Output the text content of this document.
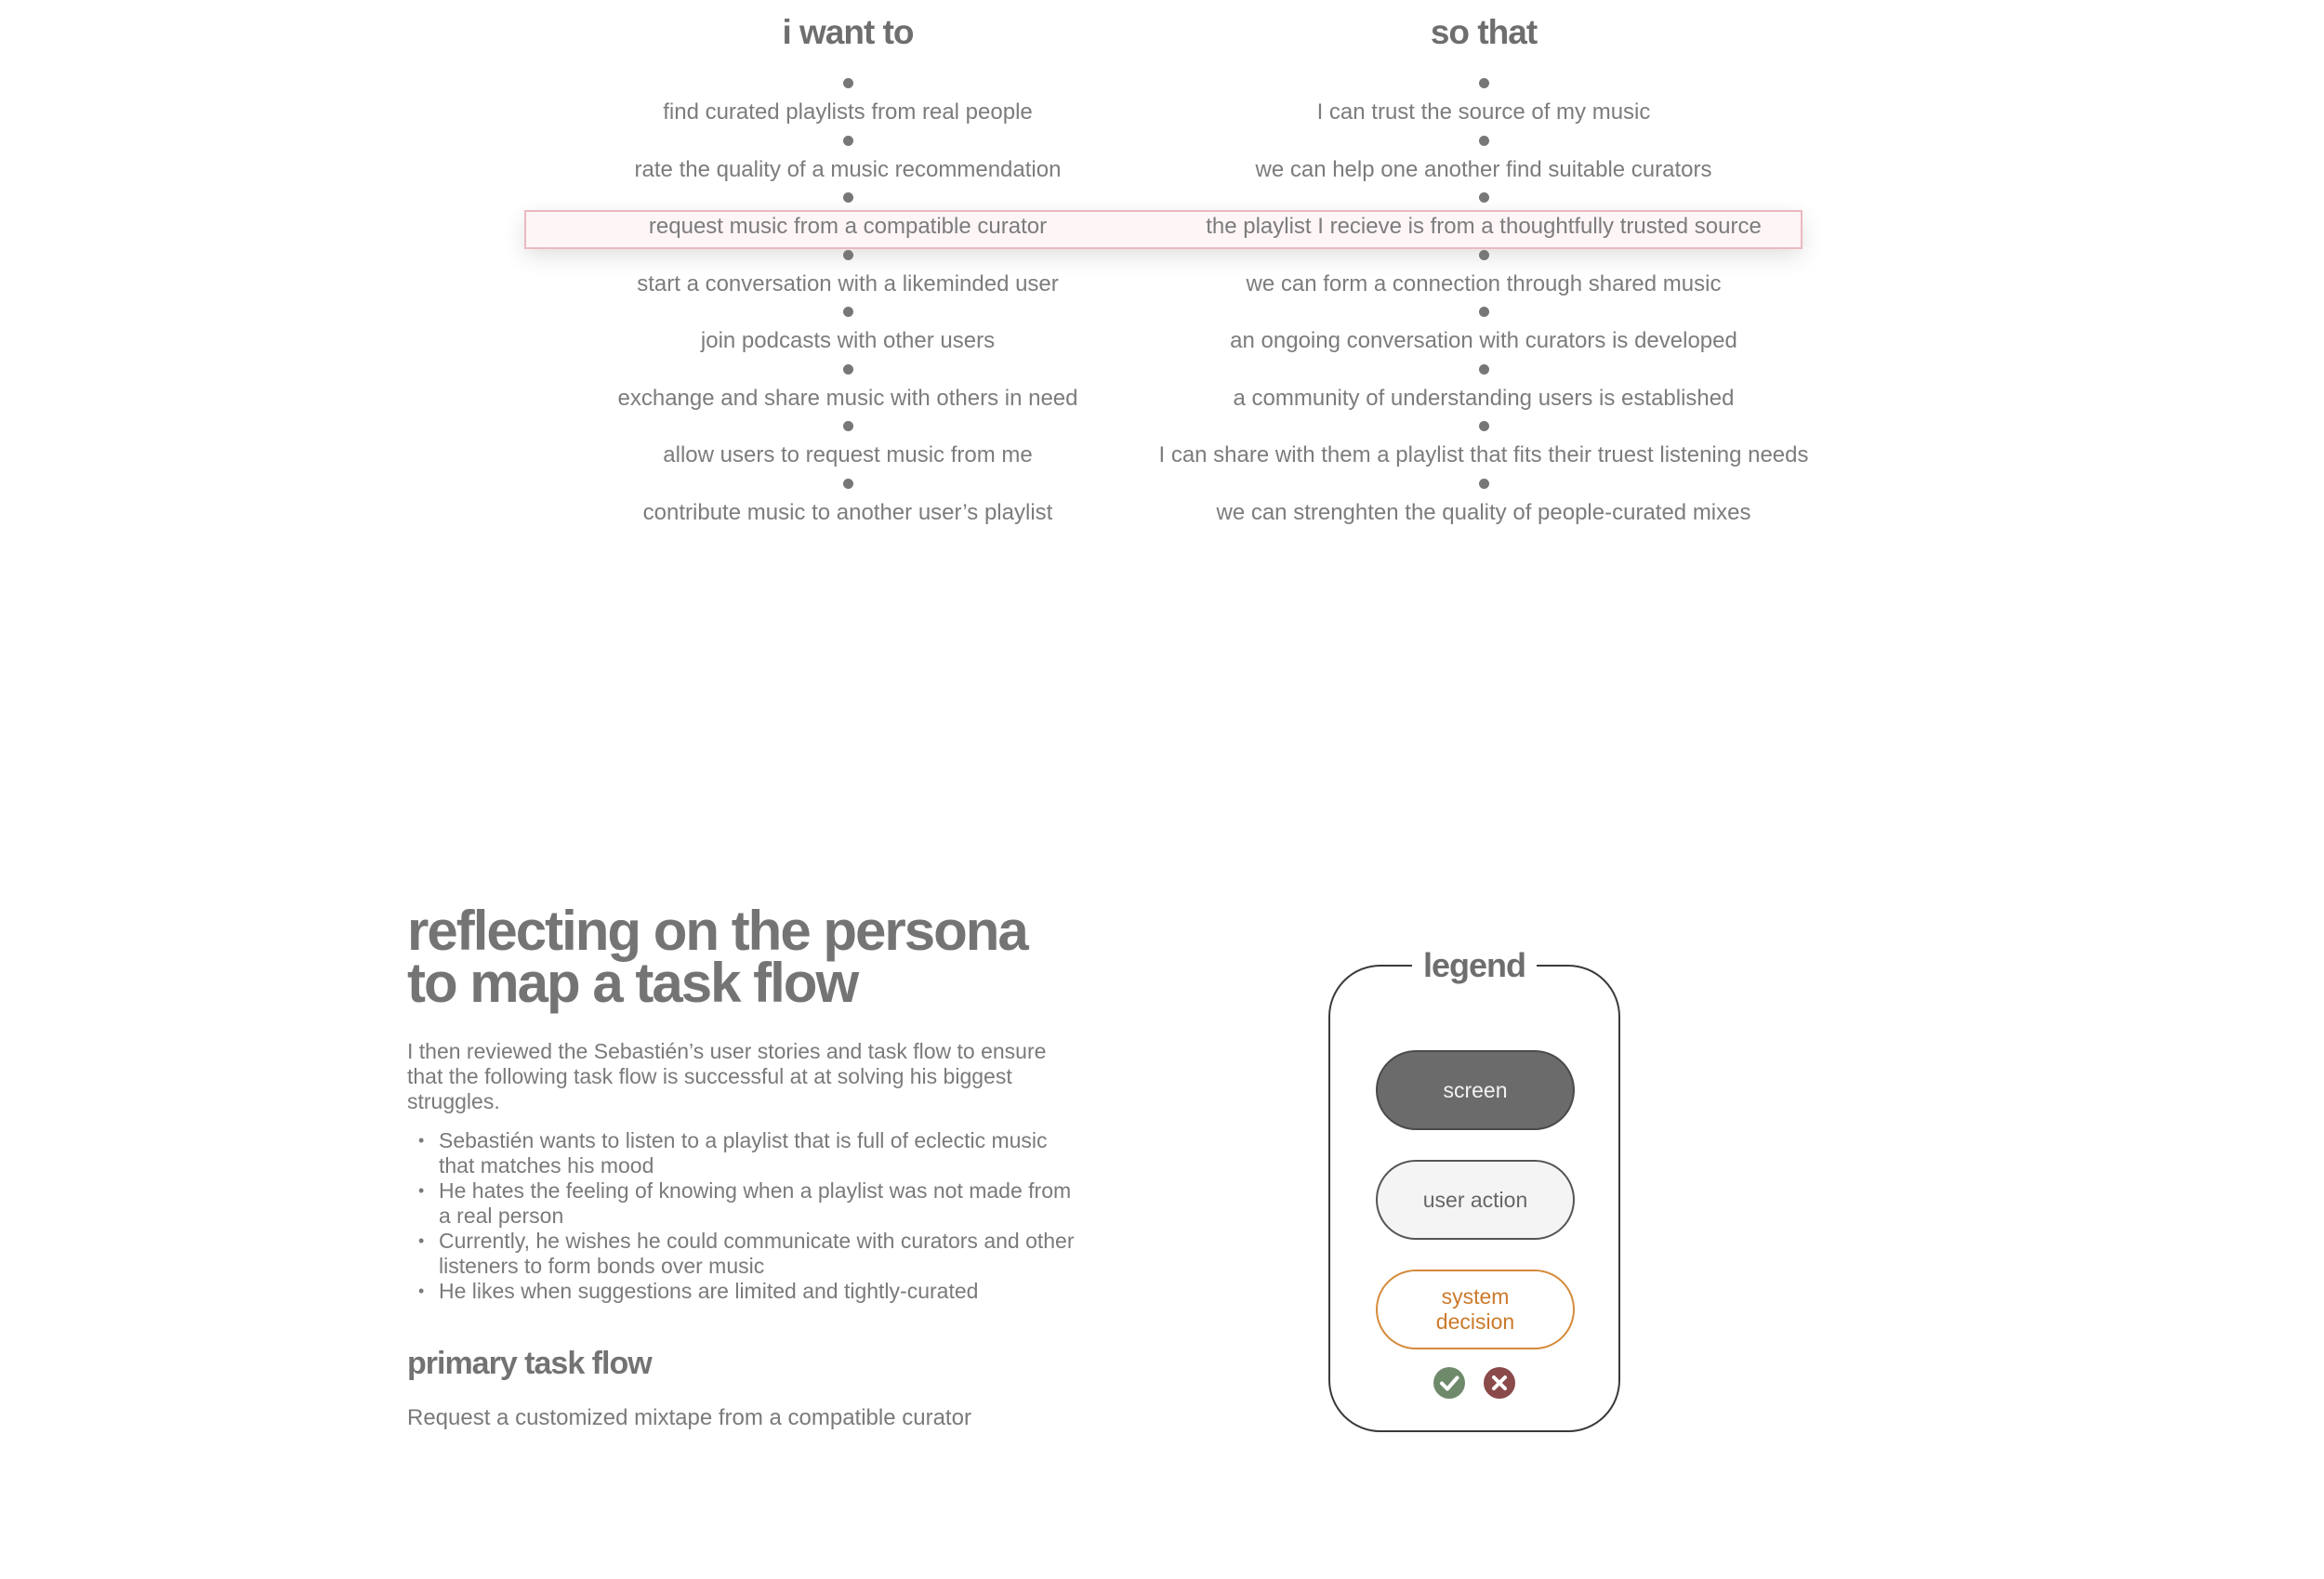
i want to	so that
find curated playlists from real people
rate the quality of a music recommendation
request music from a compatible curator
start a conversation with a likeminded user
join podcasts with other users
exchange and share music with others in need
allow users to request music from me
contribute music to another user’s playlist
I can trust the source of my music
we can help one another find suitable curators
the playlist I recieve is from a thoughtfully trusted source
we can form a connection through shared music
an ongoing conversation with curators is developed
a community of understanding users is established
I can share with them a playlist that fits their truest listening needs
we can strenghten the quality of people-curated mixes
reflecting on the persona
to map a task flow

I then reviewed the Sebastién’s user stories and task flow to ensure that the following task flow is successful at at solving his biggest struggles.

• Sebastién wants to listen to a playlist that is full of eclectic music that matches his mood
• He hates the feeling of knowing when a playlist was not made from a real person
• Currently, he wishes he could communicate with curators and other listeners to form bonds over music
• He likes when suggestions are limited and tightly-curated
primary task flow

Request a customized mixtape from a compatible curator

legend
screen
user action
system
decision
